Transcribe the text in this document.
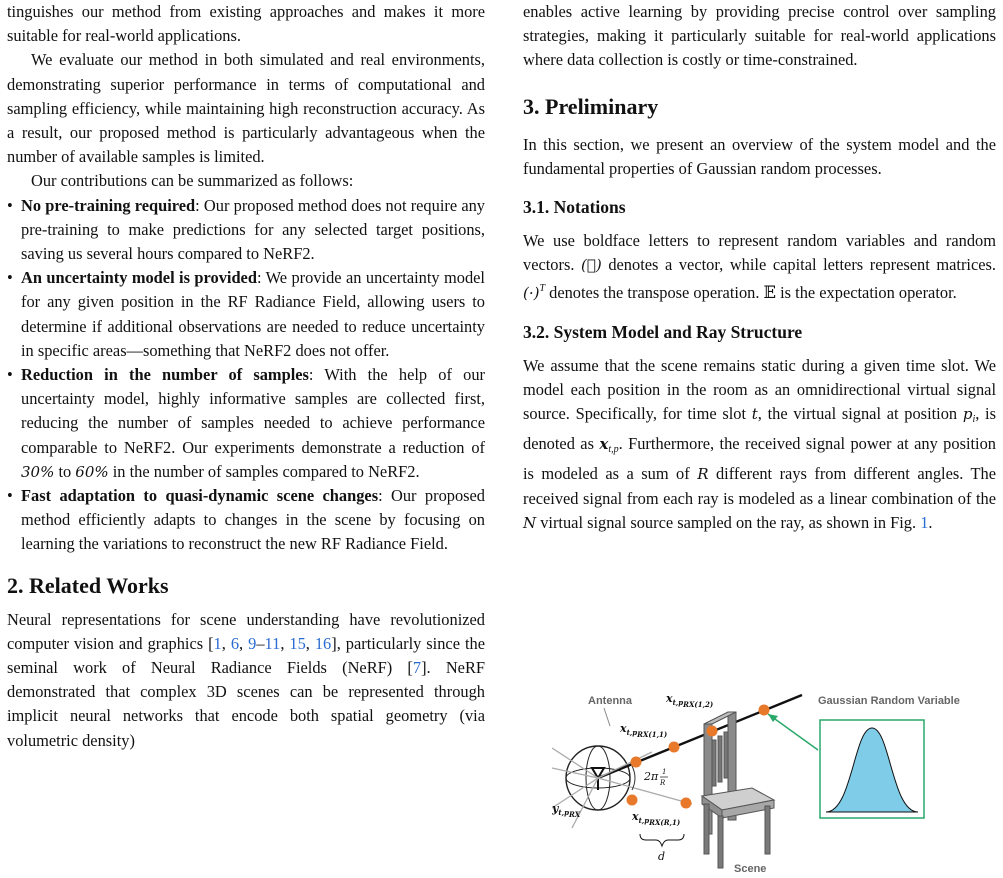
tinguishes our method from existing approaches and makes it more suitable for real-world applications.

We evaluate our method in both simulated and real environments, demonstrating superior performance in terms of computational and sampling efficiency, while maintaining high reconstruction accuracy. As a result, our proposed method is particularly advantageous when the number of available samples is limited.

Our contributions can be summarized as follows:

• No pre-training required: Our proposed method does not require any pre-training to make predictions for any selected target positions, saving us several hours compared to NeRF2.
• An uncertainty model is provided: We provide an uncertainty model for any given position in the RF Radiance Field, allowing users to determine if additional observations are needed to reduce uncertainty in specific areas—something that NeRF2 does not offer.
• Reduction in the number of samples: With the help of our uncertainty model, highly informative samples are collected first, reducing the number of samples needed to achieve performance comparable to NeRF2. Our experiments demonstrate a reduction of 30% to 60% in the number of samples compared to NeRF2.
• Fast adaptation to quasi-dynamic scene changes: Our proposed method efficiently adapts to changes in the scene by focusing on learning the variations to reconstruct the new RF Radiance Field.
2. Related Works

Neural representations for scene understanding have revolutionized computer vision and graphics [1, 6, 9–11, 15, 16], particularly since the seminal work of Neural Radiance Fields (NeRF) [7]. NeRF demonstrated that complex 3D scenes can be represented through implicit neural networks that encode both spatial geometry (via volumetric density)

enables active learning by providing precise control over sampling strategies, making it particularly suitable for real-world applications where data collection is costly or time-constrained.

3. Preliminary

In this section, we present an overview of the system model and the fundamental properties of Gaussian random processes.

3.1. Notations

We use boldface letters to represent random variables and random vectors. (⃗) denotes a vector, while capital letters represent matrices. $(\cdot)^T$ denotes the transpose operation. 𝔼 is the expectation operator.

3.2. System Model and Ray Structure

We assume that the scene remains static during a given time slot. We model each position in the room as an omnidirectional virtual signal source. Specifically, for time slot t, the virtual signal at position $p_i$, is denoted as $x_{t,p}$. Furthermore, the received signal power at any position is modeled as a sum of R different rays from different angles. The received signal from each ray is modeled as a linear combination of the N virtual signal source sampled on the ray, as shown in Fig. 1.

Antenna
2π 1
R
$x_{t,p}RX(1,2)$
$x_{t,p}RX(1,1)$
$x_{t,p}RX(R,1)$
$y_{t,p}RX$
d
Scene
Gaussian Random Variable
